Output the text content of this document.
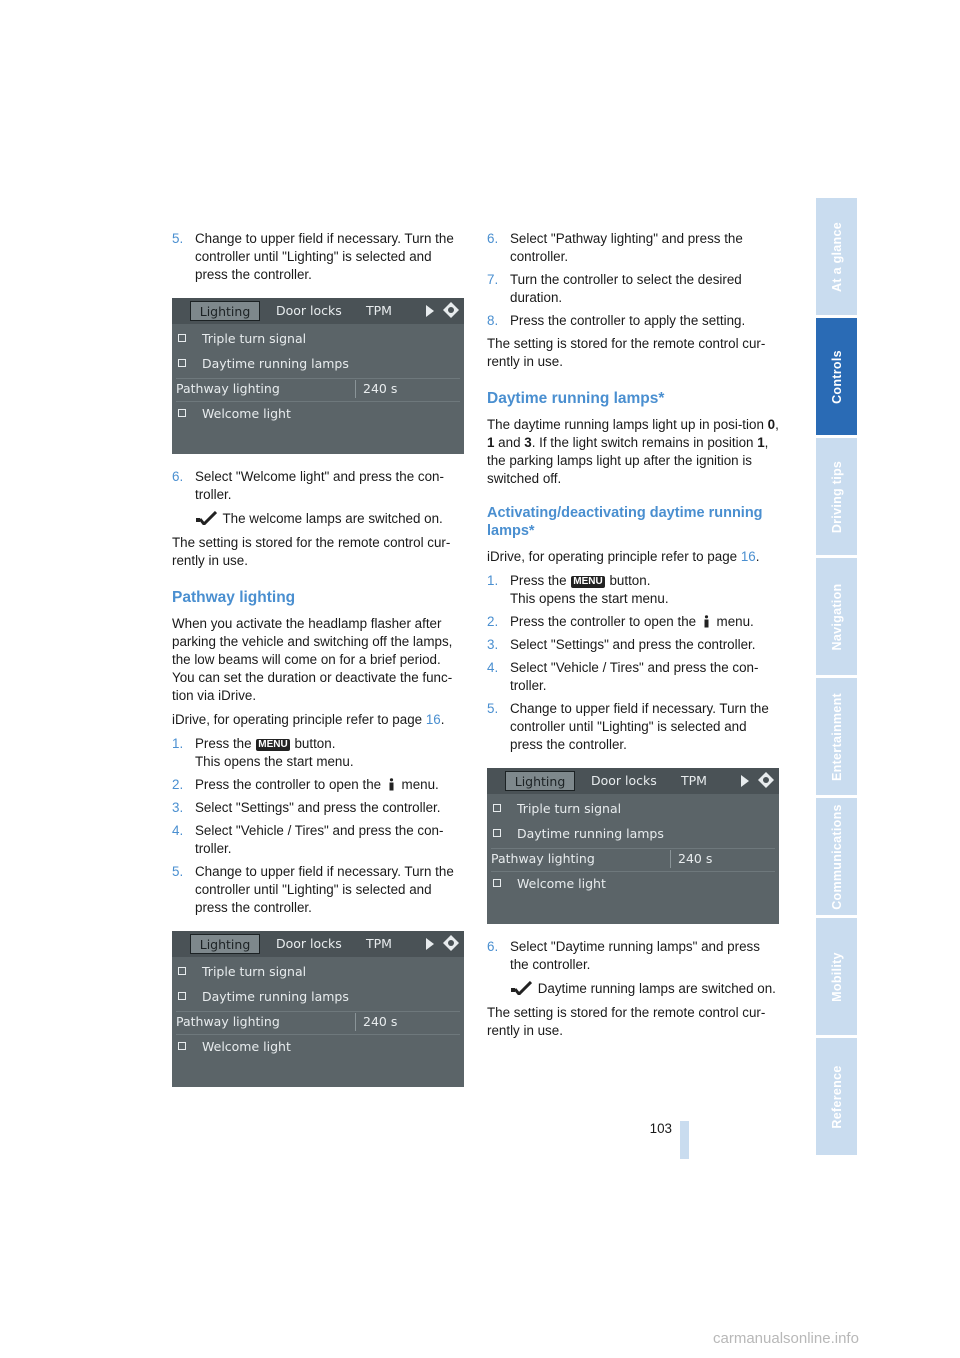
5. Change to upper field if necessary. Turn the controller until "Lighting" is selected and press the controller.
Lighting	Door locks TPM
Triple turn signal
Daytime running lamps
Pathway lighting	240 s
Welcome light
6. Select "Welcome light" and press the con-troller.
The welcome lamps are switched on.

The setting is stored for the remote control cur-rently in use.

Pathway lighting

When you activate the headlamp flasher after parking the vehicle and switching off the lamps, the low beams will come on for a brief period. You can set the duration or deactivate the func-tion via iDrive.

iDrive, for operating principle refer to page 16.

1. Press the MENU button.
This opens the start menu.
2. Press the controller to open the  menu.
3. Select "Settings" and press the controller.
4. Select "Vehicle / Tires" and press the con-troller.
5. Change to upper field if necessary. Turn the controller until "Lighting" is selected and press the controller.
Lighting	Door locks TPM
Triple turn signal
Daytime running lamps
Pathway lighting	240 s
Welcome light
6. Select "Pathway lighting" and press the controller.
7. Turn the controller to select the desired duration.
8. Press the controller to apply the setting.

The setting is stored for the remote control cur-rently in use.

Daytime running lamps*

The daytime running lamps light up in posi-tion 0, 1 and 3. If the light switch remains in position 1, the parking lamps light up after the ignition is switched off.

Activating/deactivating daytime running lamps*

iDrive, for operating principle refer to page 16.

1. Press the MENU button.
This opens the start menu.
2. Press the controller to open the  menu.
3. Select "Settings" and press the controller.
4. Select "Vehicle / Tires" and press the con-troller.
5. Change to upper field if necessary. Turn the controller until "Lighting" is selected and press the controller.
Lighting	Door locks TPM
Triple turn signal
Daytime running lamps
Pathway lighting	240 s
Welcome light
6. Select "Daytime running lamps" and press the controller.
Daytime running lamps are switched on.

The setting is stored for the remote control cur-rently in use.

At a glance
Controls
Driving tips
Navigation
Entertainment
Communications
Mobility
Reference
103
carmanualsonline.info
